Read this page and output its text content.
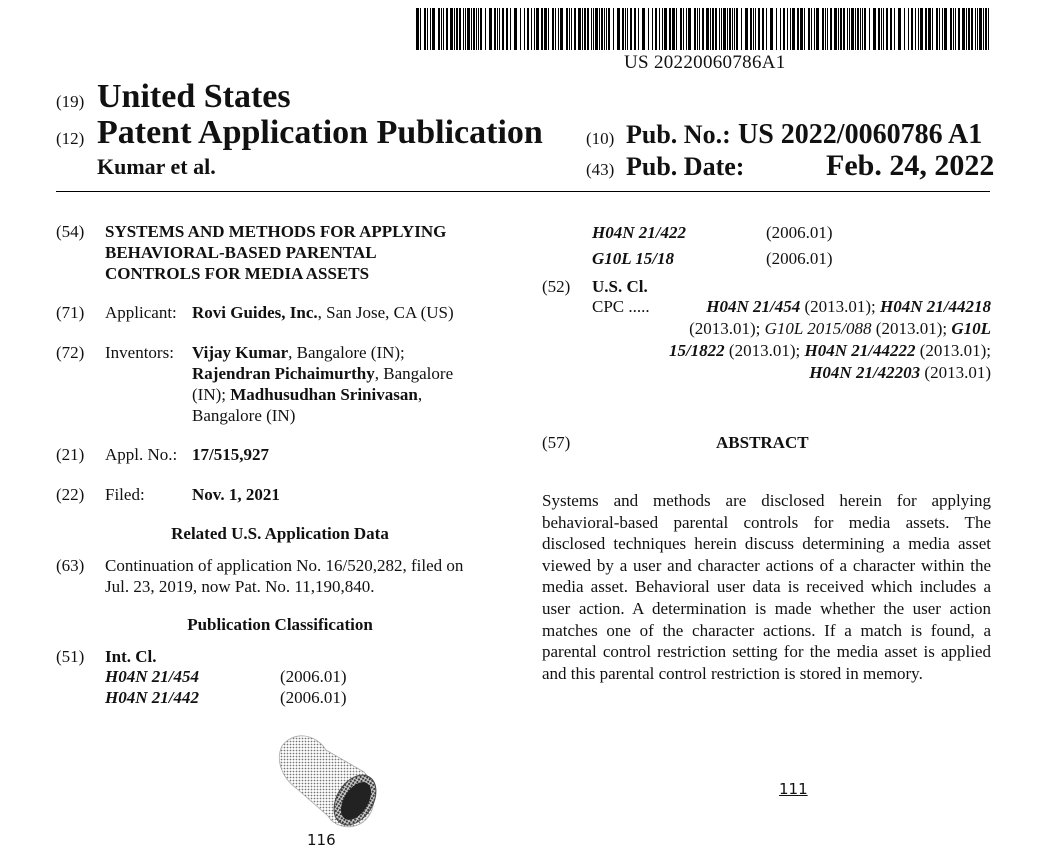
US 20220060786A1
(19) United States
(12) Patent Application Publication
Kumar et al.
(10) Pub. No.: US 2022/0060786 A1
(43) Pub. Date:	Feb. 24, 2022
(54) SYSTEMS AND METHODS FOR APPLYING
BEHAVIORAL-BASED PARENTAL
CONTROLS FOR MEDIA ASSETS
(71) Applicant: Rovi Guides, Inc., San Jose, CA (US)
(72) Inventors: Vijay Kumar, Bangalore (IN);
Rajendran Pichaimurthy, Bangalore
(IN); Madhusudhan Srinivasan,
Bangalore (IN)
(21) Appl. No.: 17/515,927
(22) Filed:	Nov. 1, 2021
Related U.S. Application Data
(63) Continuation of application No. 16/520,282, filed on
Jul. 23, 2019, now Pat. No. 11,190,840.
Publication Classification
(51) Int. Cl.
H04N 21/454	(2006.01)
H04N 21/442	(2006.01)
H04N 21/422	(2006.01)
G10L 15/18	(2006.01)
(52) U.S. Cl.
CPC .....	H04N 21/454 (2013.01); H04N 21/44218
(2013.01); G10L 2015/088 (2013.01); G10L
15/1822 (2013.01); H04N 21/44222 (2013.01);
H04N 21/42203 (2013.01)
(57)	ABSTRACT
Systems and methods are disclosed herein for applying behavioral-based parental controls for media assets. The disclosed techniques herein discuss determining a media asset viewed by a user and character actions of a character within the media asset. Behavioral user data is received which includes a user action. A determination is made whether the user action matches one of the character actions. If a match is found, a parental control restriction setting for the media asset is applied and this parental control restriction is stored in memory.
116
111
